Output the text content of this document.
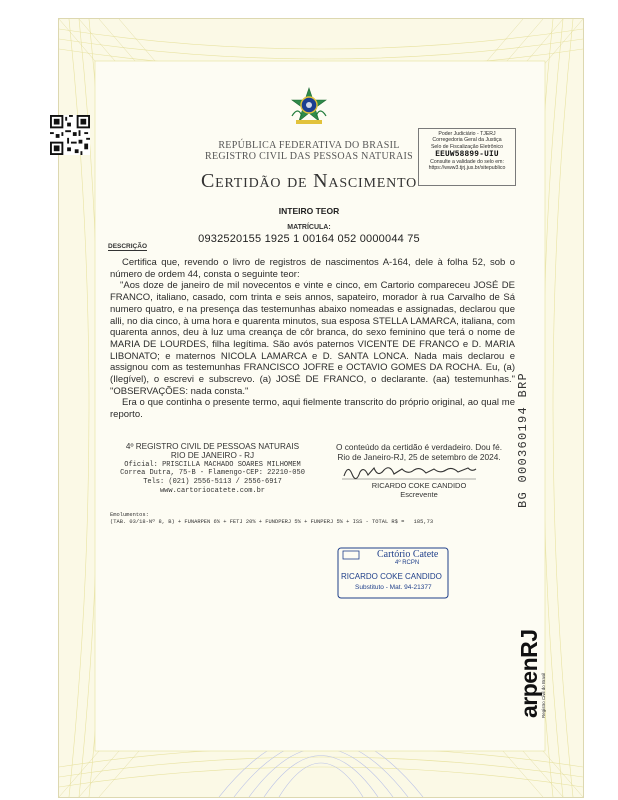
REPÚBLICA FEDERATIVA DO BRASIL
REGISTRO CIVIL DAS PESSOAS NATURAIS
Poder Judiciário - TJERJ
Corregedoria Geral da Justiça
Selo de Fiscalização Eletrônico
EEUW58899-UIU
Consulte a validade do selo em:
https://www3.tjrj.jus.br/sitepublico
Certidão de Nascimento
INTEIRO TEOR
MATRÍCULA:
0932520155 1925 1 00164 052 0000044 75
DESCRIÇÃO

Certifica que, revendo o livro de registros de nascimentos A-164, dele à folha 52, sob o número de ordem 44, consta o seguinte teor:

"Aos doze de janeiro de mil novecentos e vinte e cinco, em Cartorio compareceu JOSÉ DE FRANCO, italiano, casado, com trinta e seis annos, sapateiro, morador à rua Carvalho de Sá numero quatro, e na presença das testemunhas abaixo nomeadas e assignadas, declarou que alli, no dia cinco, à uma hora e quarenta minutos, sua esposa STELLA LAMARCA, italiana, com quarenta annos, deu à luz uma creança de côr branca, do sexo feminino que terá o nome de MARIA DE LOURDES, filha legítima. São avós paternos VICENTE DE FRANCO e D. MARIA LIBONATO; e maternos NICOLA LAMARCA e D. SANTA LONCA. Nada mais declarou e assignou com as testemunhas FRANCISCO JOFRE e OCTAVIO GOMES DA ROCHA. Eu, (a) (Ilegível), o escrevi e subscrevo. (a) JOSÉ DE FRANCO, o declarante. (aa) testemunhas." "OBSERVAÇÕES: nada consta."

Era o que continha o presente termo, aqui fielmente transcrito do próprio original, ao qual me reporto.

4º REGISTRO CIVIL DE PESSOAS NATURAIS
RIO DE JANEIRO - RJ
Oficial: PRISCILLA MACHADO SOARES MILHOMEM
Correa Dutra, 75-B - Flamengo-CEP: 22210-050
Tels: (021) 2556-5113 / 2556-6917
www.cartoriocatete.com.br
O conteúdo da certidão é verdadeiro. Dou fé.
Rio de Janeiro-RJ, 25 de setembro de 2024.
RICARDO COKE CANDIDO
Escrevente
Emolumentos:
(TAB. 03/18-Nº 8, B) + FUNARPEN 6% + FETJ 20% + FUNDPERJ 5% + FUNPERJ 5% + ISS - TOTAL R$ = 185,73
Cartório Catete
4º RCPN
RICARDO COKE CANDIDO
Substituto - Mat. 94-21377
BG 000360194 BRP
arpenRJ Registro Civil do Brasil
